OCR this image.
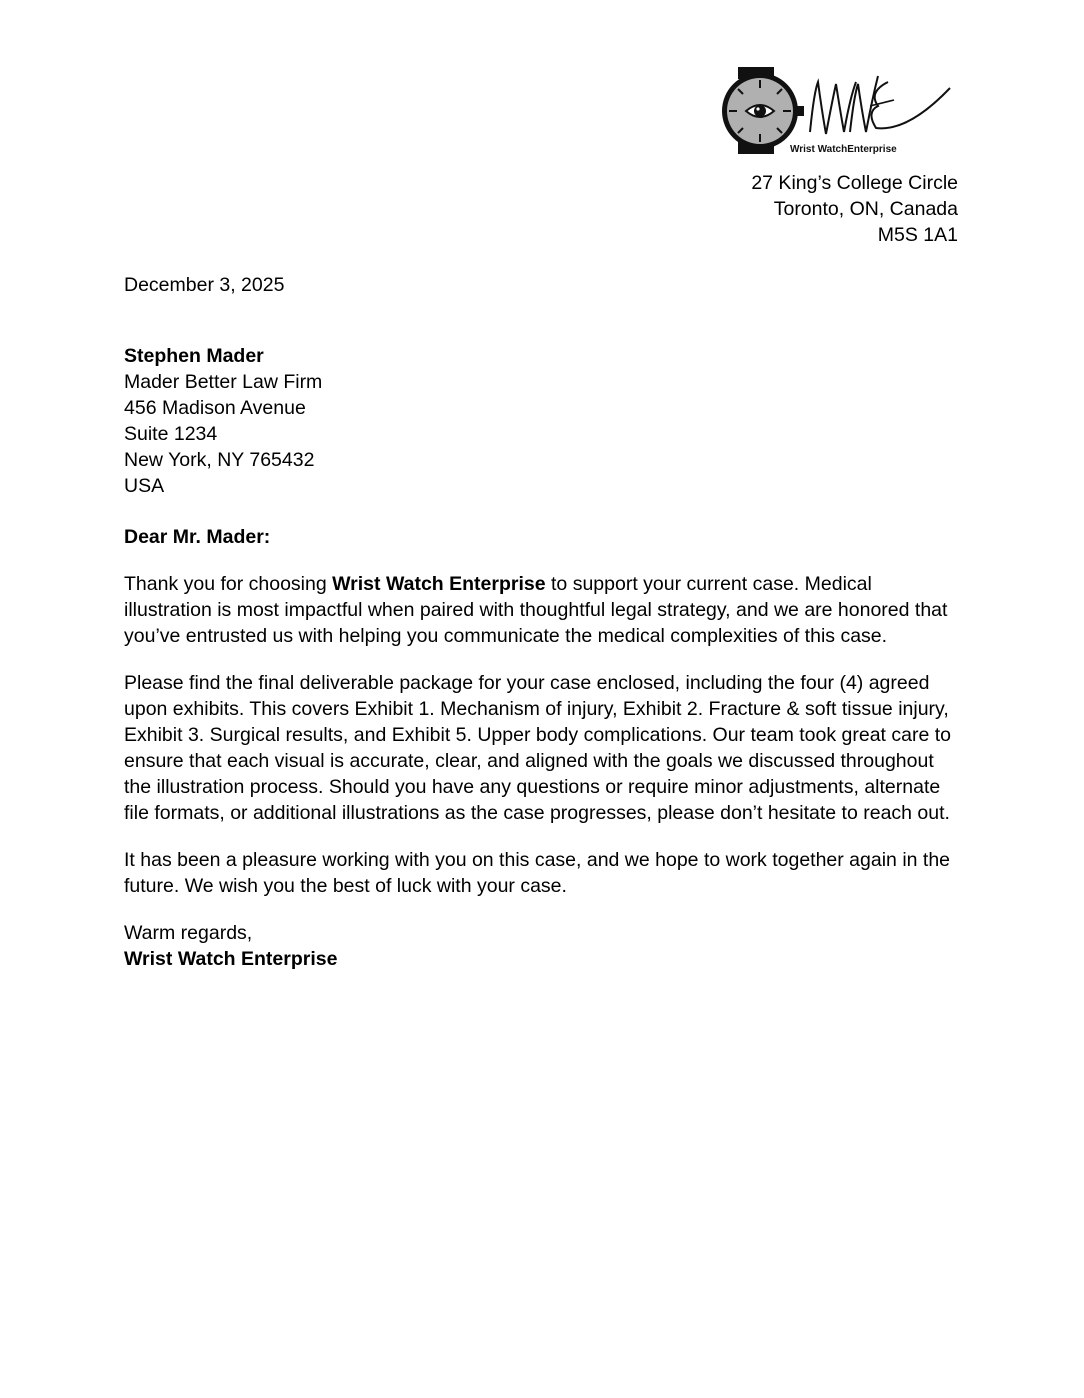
Wrist WatchEnterprise
27 King’s College Circle
Toronto, ON, Canada
M5S 1A1
December 3, 2025
Stephen Mader
Mader Better Law Firm
456 Madison Avenue
Suite 1234
New York, NY 765432
USA
Dear Mr. Mader:

Thank you for choosing Wrist Watch Enterprise to support your current case. Medical illustration is most impactful when paired with thoughtful legal strategy, and we are honored that you’ve entrusted us with helping you communicate the medical complexities of this case.

Please find the final deliverable package for your case enclosed, including the four (4) agreed upon exhibits. This covers Exhibit 1. Mechanism of injury, Exhibit 2. Fracture & soft tissue injury, Exhibit 3. Surgical results, and Exhibit 5. Upper body complications. Our team took great care to ensure that each visual is accurate, clear, and aligned with the goals we discussed throughout the illustration process. Should you have any questions or require minor adjustments, alternate file formats, or additional illustrations as the case progresses, please don’t hesitate to reach out.

It has been a pleasure working with you on this case, and we hope to work together again in the future. We wish you the best of luck with your case.

Warm regards,
Wrist Watch Enterprise
